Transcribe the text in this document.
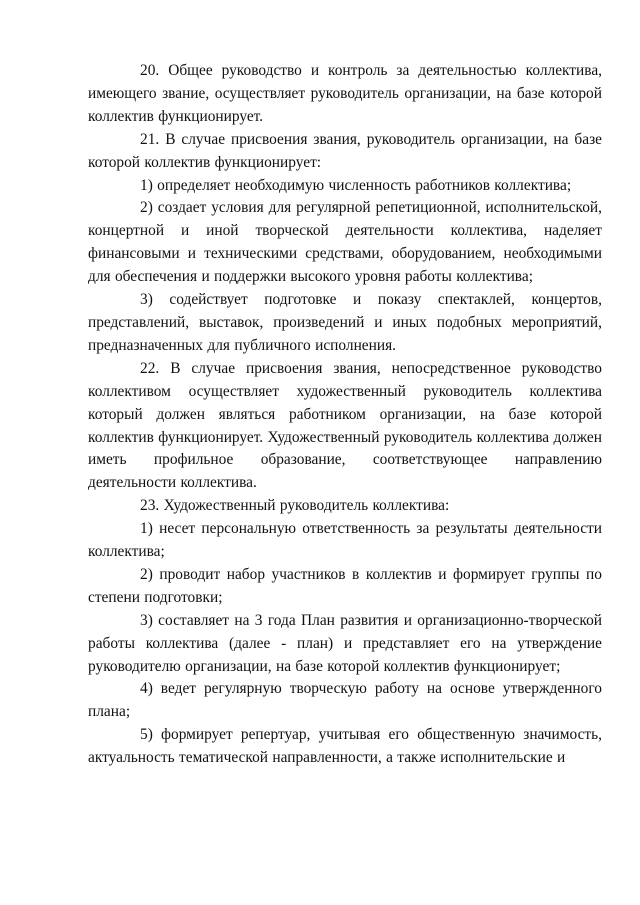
20. Общее руководство и контроль за деятельностью коллектива, имеющего звание, осуществляет руководитель организации, на базе которой коллектив функционирует.

21. В случае присвоения звания, руководитель организации, на базе которой коллектив функционирует:

1) определяет необходимую численность работников коллектива;

2) создает условия для регулярной репетиционной, исполнительской, концертной и иной творческой деятельности коллектива, наделяет финансовыми и техническими средствами, оборудованием, необходимыми для обеспечения и поддержки высокого уровня работы коллектива;

3) содействует подготовке и показу спектаклей, концертов, представлений, выставок, произведений и иных подобных мероприятий, предназначенных для публичного исполнения.

22. В случае присвоения звания, непосредственное руководство коллективом осуществляет художественный руководитель коллектива который должен являться работником организации, на базе которой коллектив функционирует. Художественный руководитель коллектива должен иметь профильное образование, соответствующее направлению деятельности коллектива.

23. Художественный руководитель коллектива:

1) несет персональную ответственность за результаты деятельности коллектива;

2) проводит набор участников в коллектив и формирует группы по степени подготовки;

3) составляет на 3 года План развития и организационно-творческой работы коллектива (далее - план) и представляет его на утверждение руководителю организации, на базе которой коллектив функционирует;

4) ведет регулярную творческую работу на основе утвержденного плана;

5) формирует репертуар, учитывая его общественную значимость, актуальность тематической направленности, а также исполнительские и
